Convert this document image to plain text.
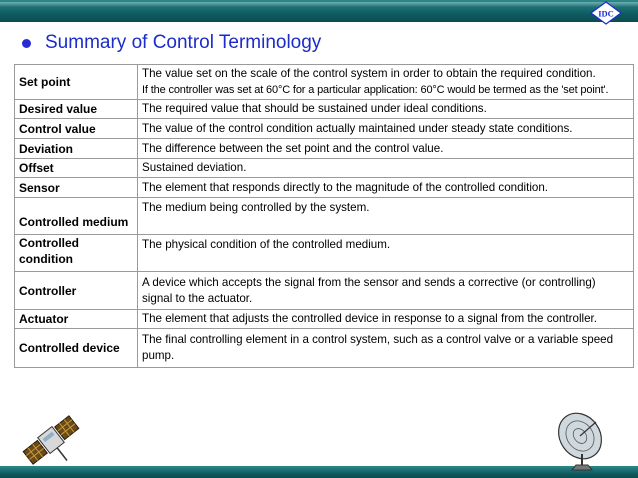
IDC
Summary of Control Terminology
Set point	The value set on the scale of the control system in order to obtain the required condition.
If the controller was set at 60°C for a particular application: 60°C would be termed as the 'set point'.

Desired value	The required value that should be sustained under ideal conditions.
Control value	The value of the control condition actually maintained under steady state conditions.
Deviation	The difference between the set point and the control value.
Offset	Sustained deviation.
Sensor	The element that responds directly to the magnitude of the controlled condition.
Controlled medium	The medium being controlled by the system.
Controlled condition	The physical condition of the controlled medium.
Controller	A device which accepts the signal from the sensor and sends a corrective (or controlling) signal to the actuator.
Actuator	The element that adjusts the controlled device in response to a signal from the controller.
Controlled device	The final controlling element in a control system, such as a control valve or a variable speed pump.
